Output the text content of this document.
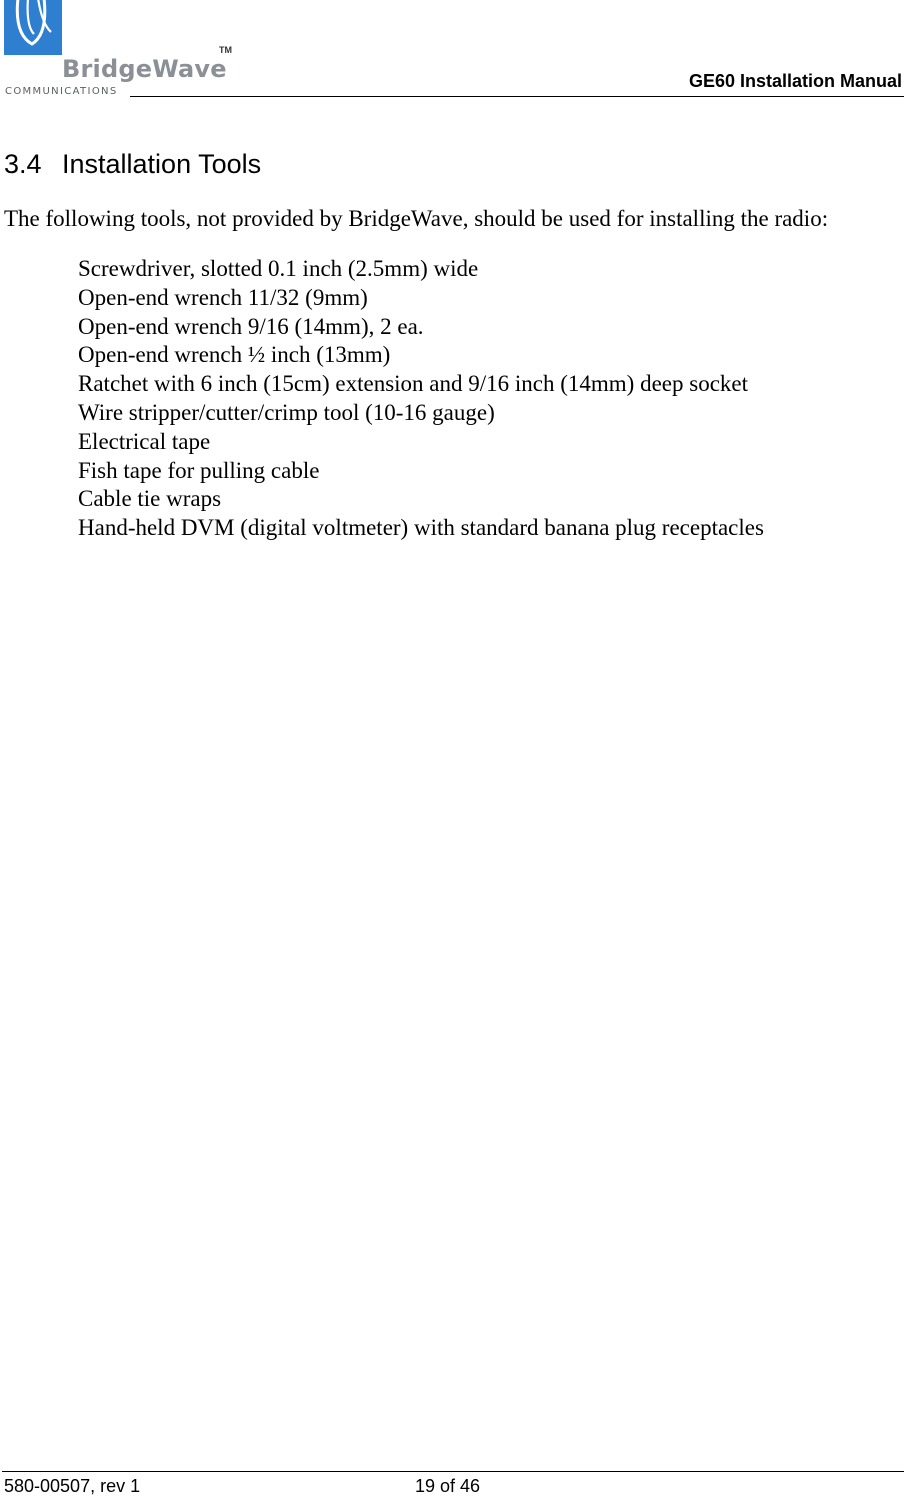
BridgeWave
TM
COMMUNICATIONS
GE60 Installation Manual
3.4 Installation Tools
The following tools, not provided by BridgeWave, should be used for installing the radio:
Screwdriver, slotted 0.1 inch (2.5mm) wide
Open-end wrench 11/32 (9mm)
Open-end wrench 9/16 (14mm), 2 ea.
Open-end wrench ½ inch (13mm)
Ratchet with 6 inch (15cm) extension and 9/16 inch (14mm) deep socket
Wire stripper/cutter/crimp tool (10-16 gauge)
Electrical tape
Fish tape for pulling cable
Cable tie wraps
Hand-held DVM (digital voltmeter) with standard banana plug receptacles
580-00507, rev 1	19 of 46
